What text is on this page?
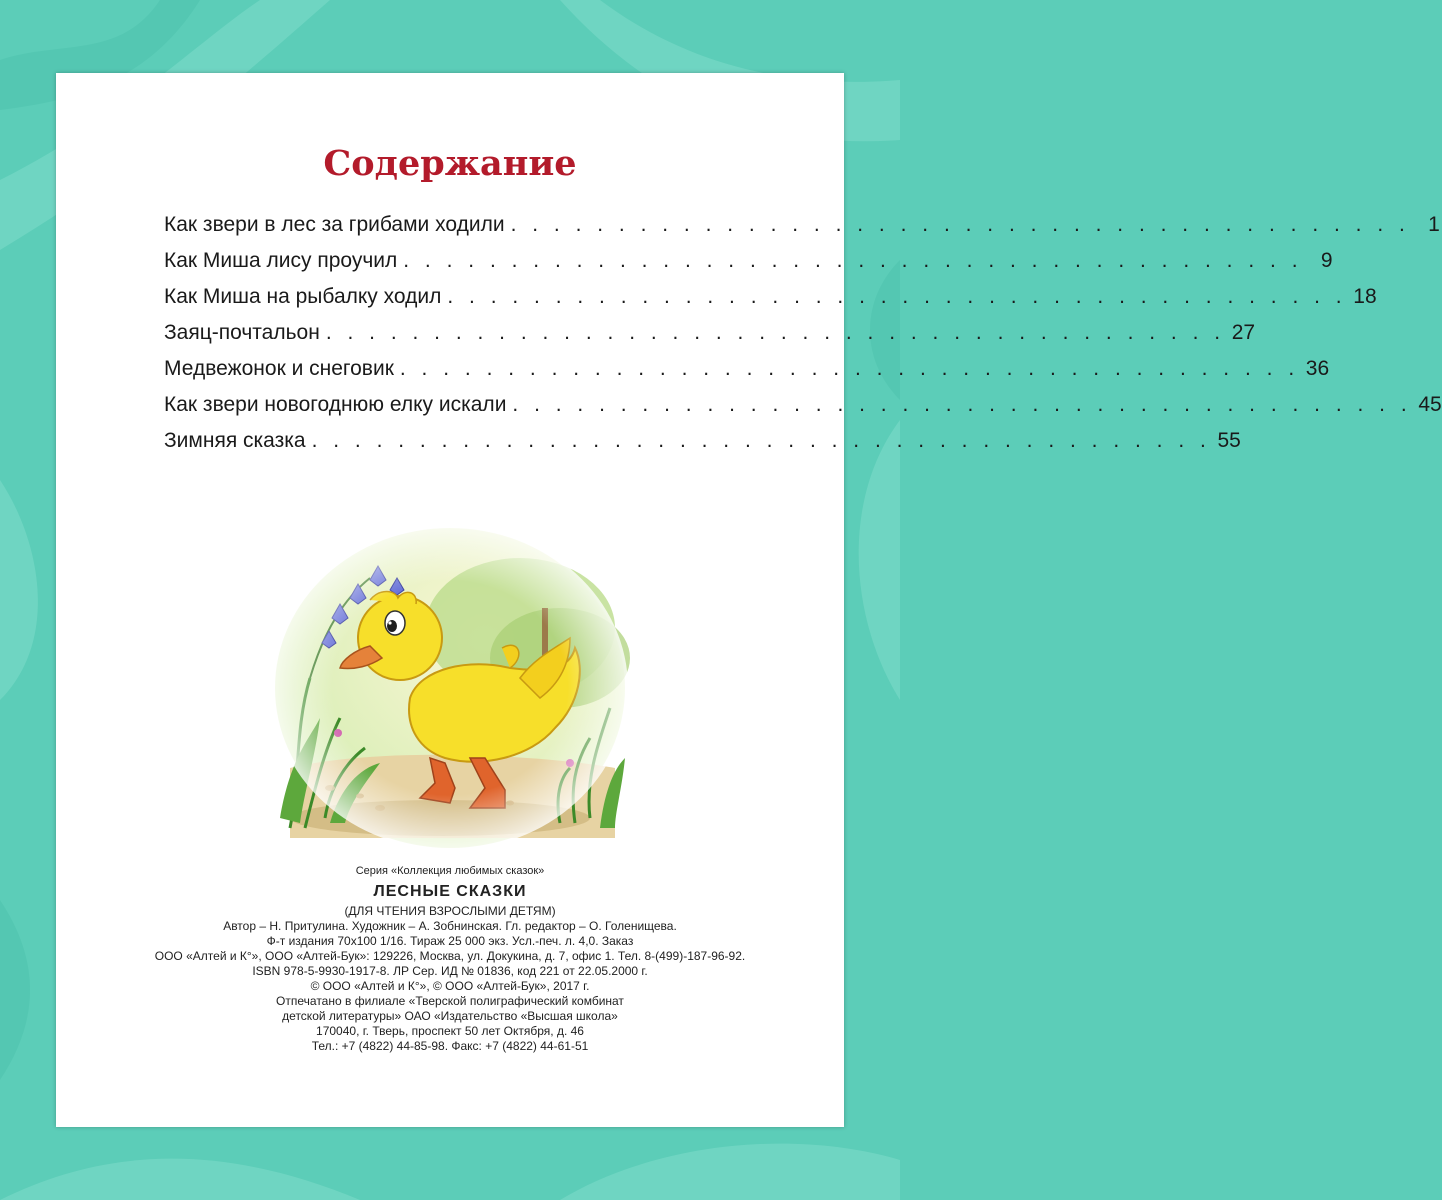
Содержание
Как звери в лес за грибами ходили . . . . . . . . . . . . . . . . . . . . . . . . . . . . . . . . . . . . . . . . . . 1
Как Миша лису проучил . . . . . . . . . . . . . . . . . . . . . . . . . . . . . . . . . . . . . . . . . . 9
Как Миша на рыбалку ходил . . . . . . . . . . . . . . . . . . . . . . . . . . . . . . . . . . . . . . . . . . 18
Заяц-почтальон . . . . . . . . . . . . . . . . . . . . . . . . . . . . . . . . . . . . . . . . . . 27
Медвежонок и снеговик . . . . . . . . . . . . . . . . . . . . . . . . . . . . . . . . . . . . . . . . . . 36
Как звери новогоднюю елку искали . . . . . . . . . . . . . . . . . . . . . . . . . . . . . . . . . . . . . . . . . . 45
Зимняя сказка . . . . . . . . . . . . . . . . . . . . . . . . . . . . . . . . . . . . . . . . . . 55
Серия «Коллекция любимых сказок»
ЛЕСНЫЕ СКАЗКИ
(ДЛЯ ЧТЕНИЯ ВЗРОСЛЫМИ ДЕТЯМ)
Автор – Н. Притулина. Художник – А. Зобнинская. Гл. редактор – О. Голенищева.
Ф-т издания 70x100 1/16. Тираж 25 000 экз. Усл.-печ. л. 4,0. Заказ
ООО «Алтей и К°», ООО «Алтей-Бук»: 129226, Москва, ул. Докукина, д. 7, офис 1. Тел. 8-(499)-187-96-92.
ISBN 978-5-9930-1917-8. ЛР Сер. ИД № 01836, код 221 от 22.05.2000 г.
© ООО «Алтей и К°», © ООО «Алтей-Бук», 2017 г.
Отпечатано в филиале «Тверской полиграфический комбинат
детской литературы» ОАО «Издательство «Высшая школа»
170040, г. Тверь, проспект 50 лет Октября, д. 46
Тел.: +7 (4822) 44-85-98. Факс: +7 (4822) 44-61-51
